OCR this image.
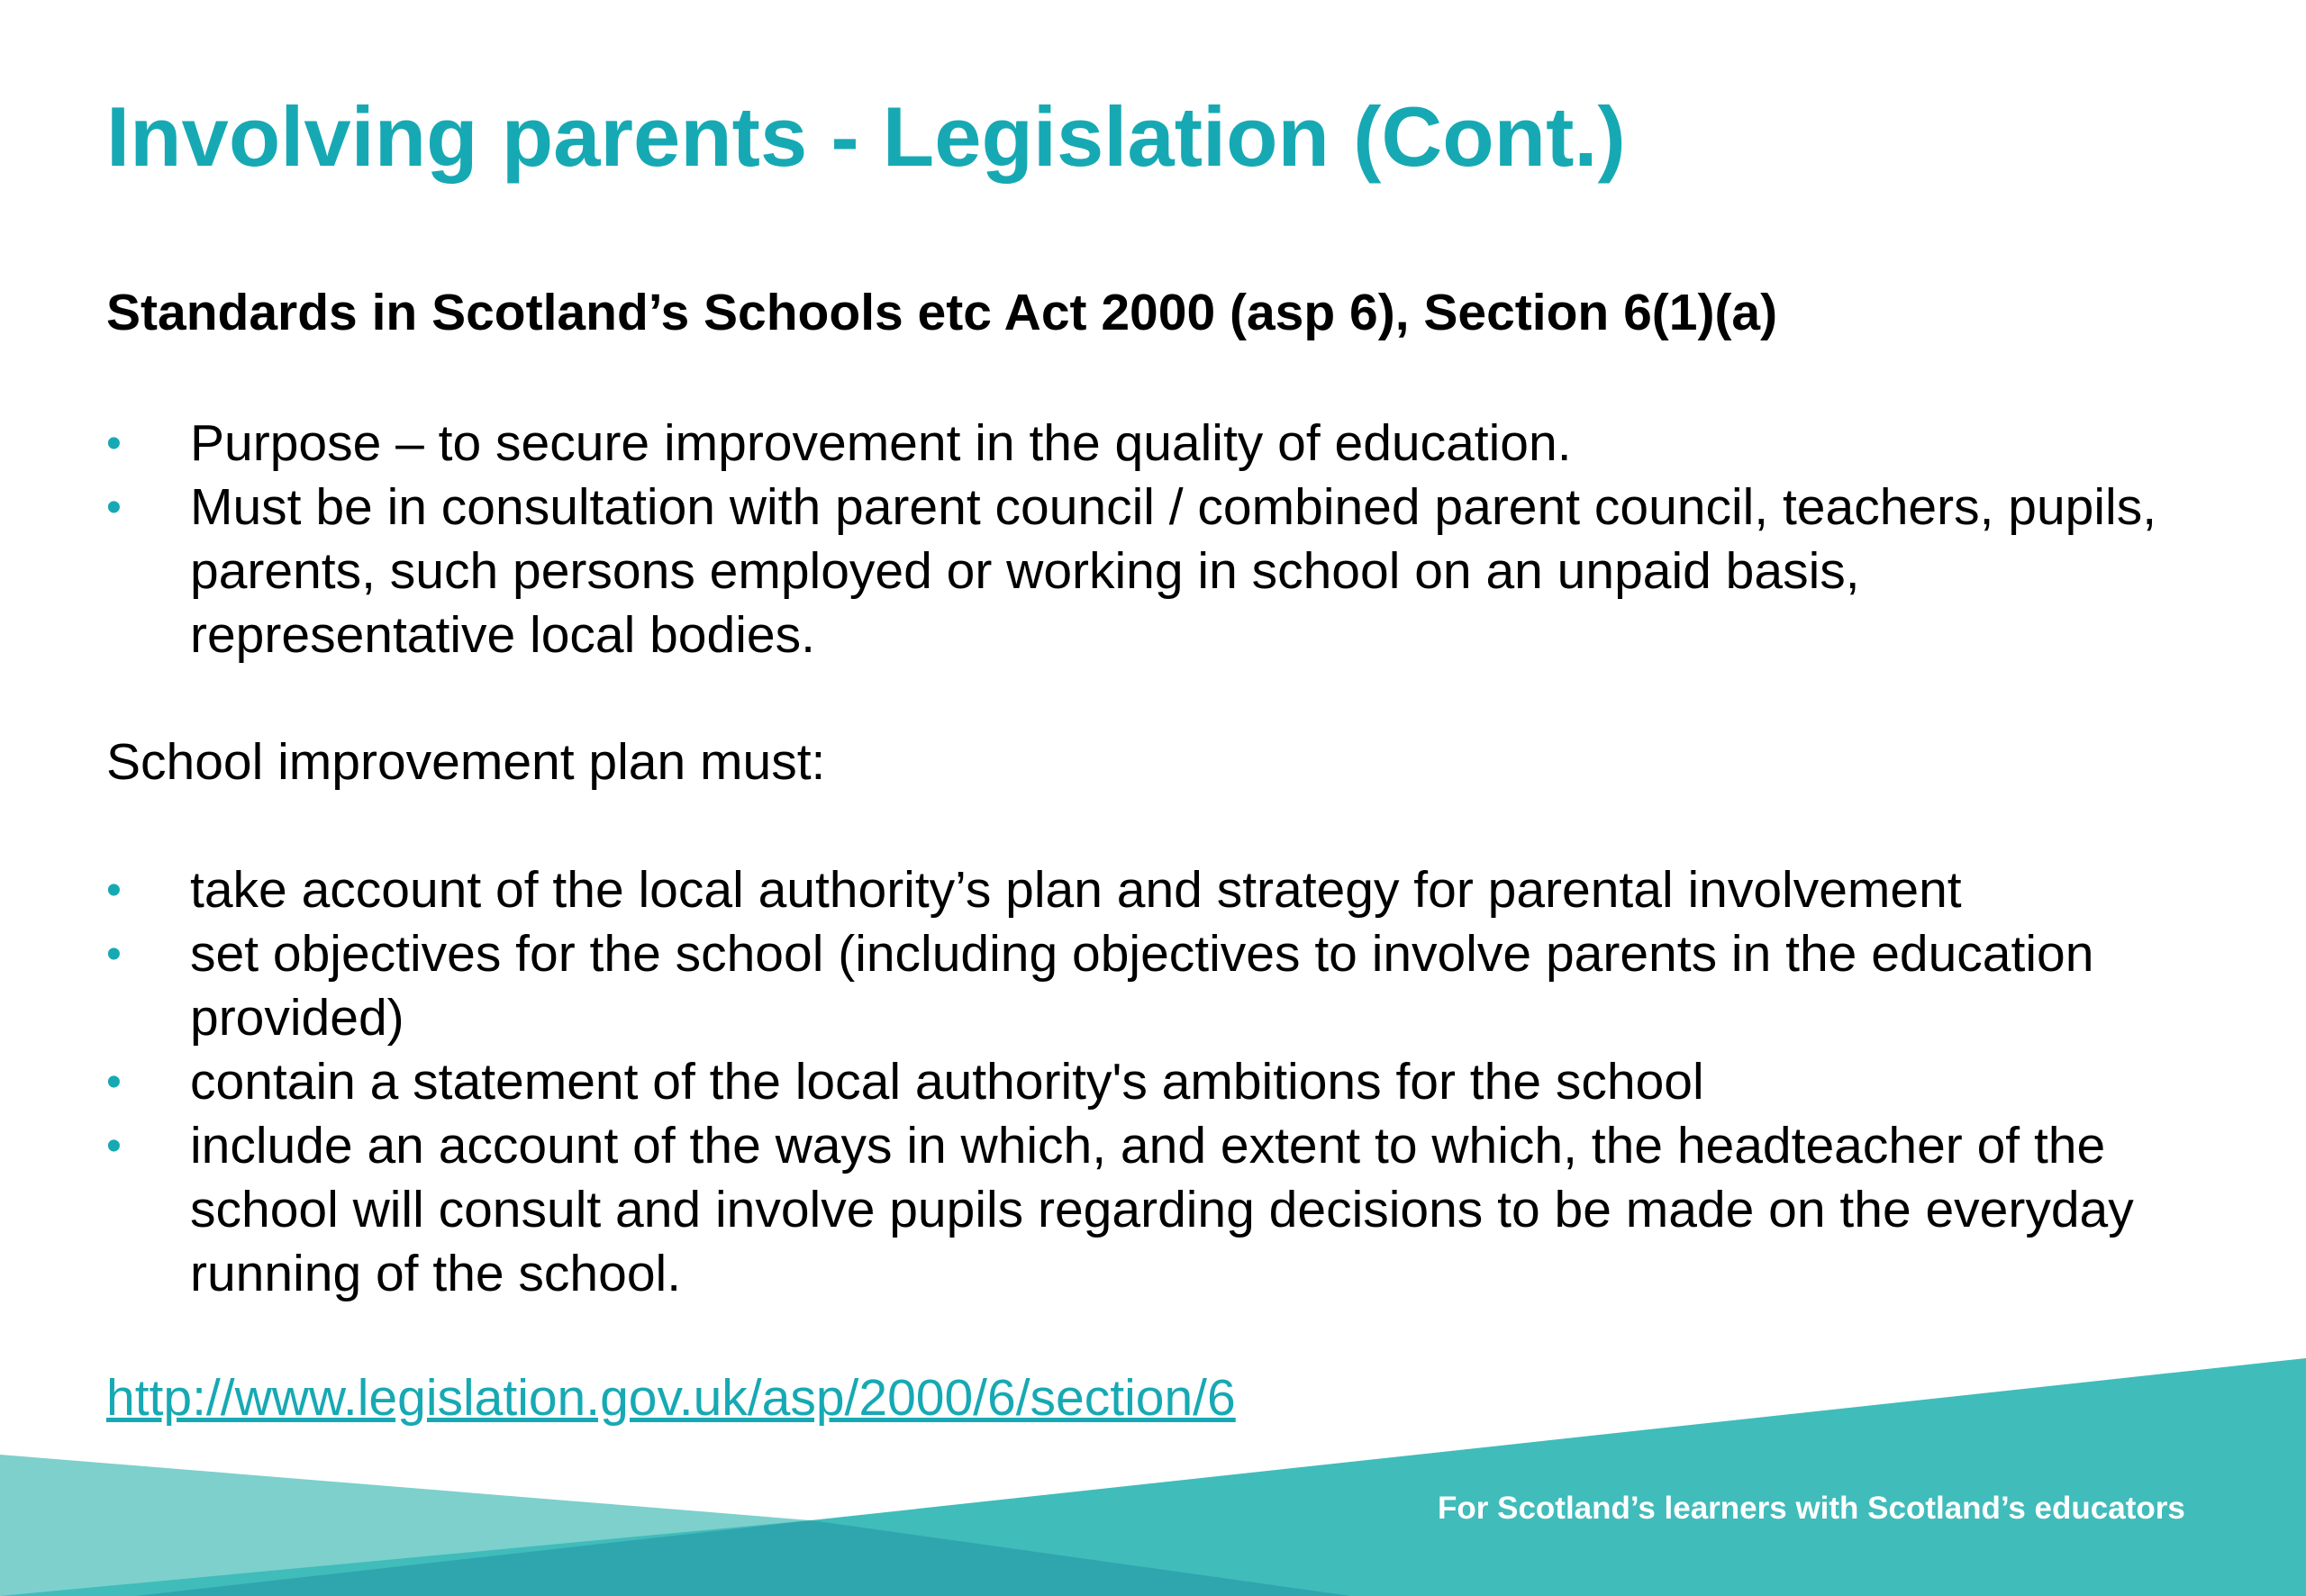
Involving parents - Legislation (Cont.)
Standards in Scotland’s Schools etc Act 2000 (asp 6), Section 6(1)(a)
• Purpose – to secure improvement in the quality of education.
• Must be in consultation with parent council / combined parent council, teachers, pupils, parents, such persons employed or working in school on an unpaid basis, representative local bodies.
School improvement plan must:
• take account of the local authority’s plan and strategy for parental involvement
• set objectives for the school (including objectives to involve parents in the education provided)
• contain a statement of the local authority's ambitions for the school
• include an account of the ways in which, and extent to which, the headteacher of the school will consult and involve pupils regarding decisions to be made on the everyday running of the school.
http://www.legislation.gov.uk/asp/2000/6/section/6
For Scotland’s learners with Scotland’s educators
